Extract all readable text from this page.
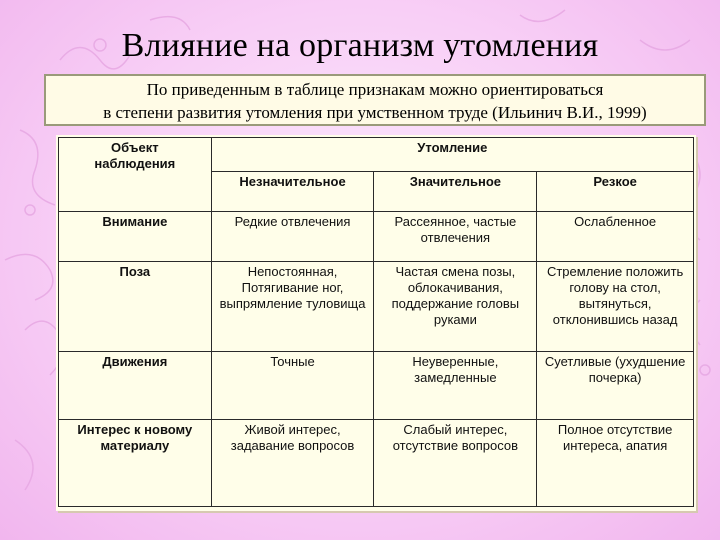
Влияние на организм утомления
По приведенным в таблице признакам можно ориентироваться
в степени развития утомления при умственном труде (Ильинич В.И., 1999)
Объект
наблюдения	Утомление		
	Незначительное	Значительное	Резкое
Внимание	Редкие отвлечения	Рассеянное, частые отвлечения	Ослабленное
Поза	Непостоянная, Потягивание ног, выпрямление туловища	Частая смена позы, облокачивания, поддержание головы руками	Стремление положить голову на стол, вытянуться, отклонившись назад
Движения	Точные	Неуверенные, замедленные	Суетливые (ухудшение почерка)
Интерес к новому материалу	Живой интерес, задавание вопросов	Слабый интерес, отсутствие вопросов	Полное отсутствие интереса, апатия
